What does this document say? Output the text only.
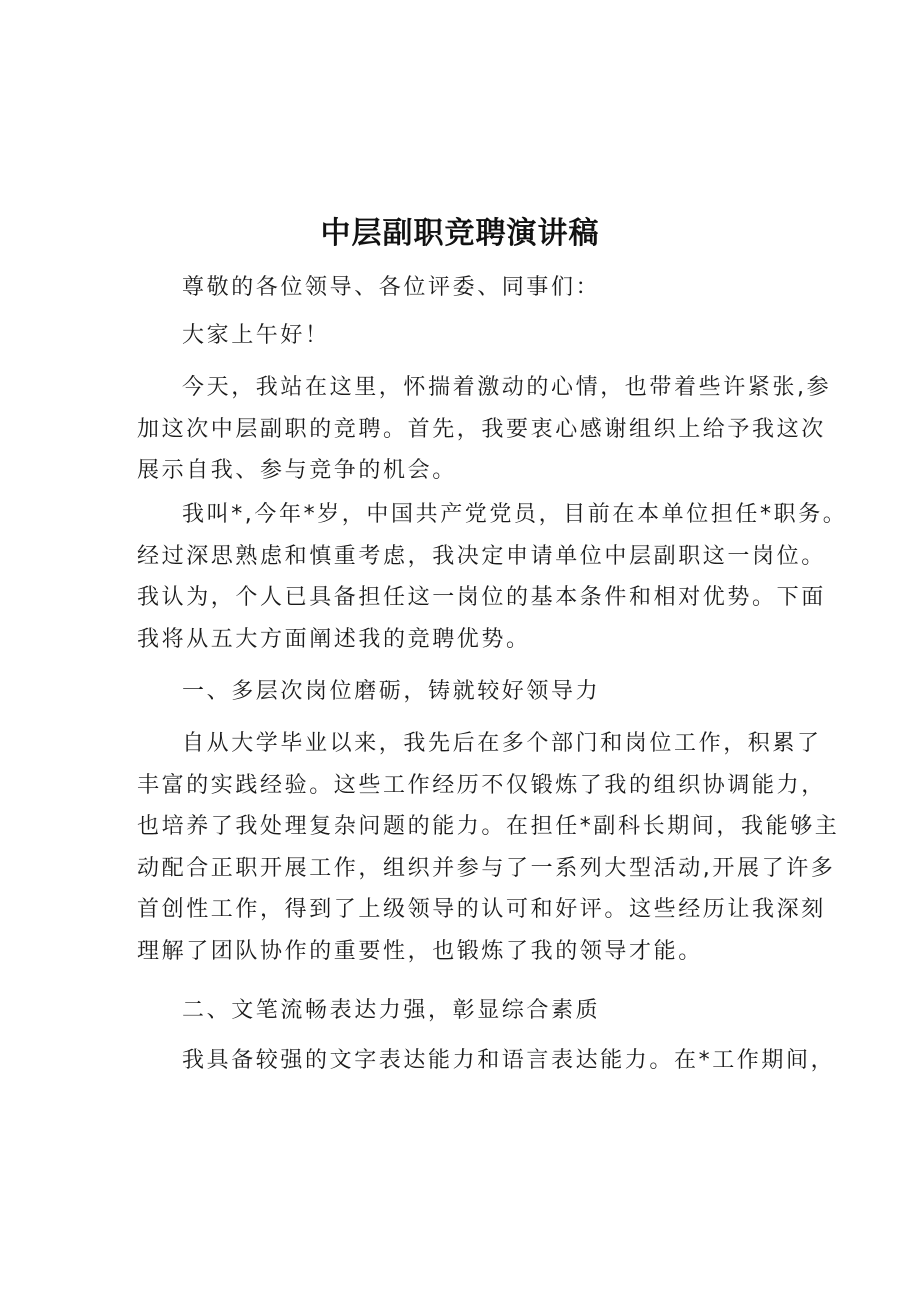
中层副职竞聘演讲稿

尊敬的各位领导、各位评委、同事们：

大家上午好！

今天，我站在这里，怀揣着激动的心情，也带着些许紧张,参
加这次中层副职的竞聘。首先，我要衷心感谢组织上给予我这次
展示自我、参与竞争的机会。

我叫*,今年*岁，中国共产党党员，目前在本单位担任*职务。
经过深思熟虑和慎重考虑，我决定申请单位中层副职这一岗位。
我认为，个人已具备担任这一岗位的基本条件和相对优势。下面
我将从五大方面阐述我的竞聘优势。

一、多层次岗位磨砺，铸就较好领导力

自从大学毕业以来，我先后在多个部门和岗位工作，积累了
丰富的实践经验。这些工作经历不仅锻炼了我的组织协调能力，
也培养了我处理复杂问题的能力。在担任*副科长期间，我能够主
动配合正职开展工作，组织并参与了一系列大型活动,开展了许多
首创性工作，得到了上级领导的认可和好评。这些经历让我深刻
理解了团队协作的重要性，也锻炼了我的领导才能。

二、文笔流畅表达力强，彰显综合素质

我具备较强的文字表达能力和语言表达能力。在*工作期间，
